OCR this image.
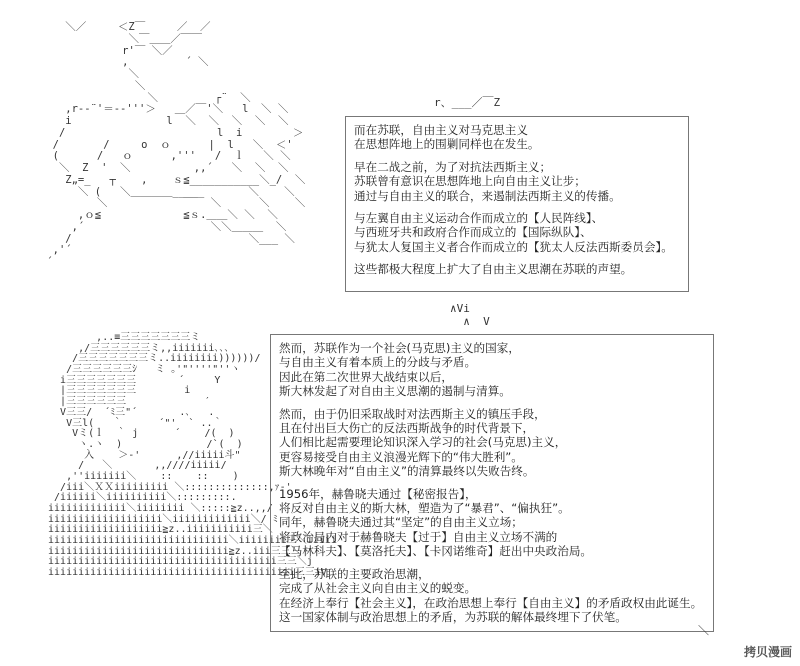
＼／     ＜Z￣     ／  ／
＼￣＿＿／￣￣
r'￣ ＼／
,         ´ ＼
＼
＼
＼         ┌¨  ＼
,r--¨'＝--'''＞   ＿／￣'＼   l  ＼ ＼
i               l  ＼  ＼  ＼  ＼  ＼
/                        l  i        ＞
/       /     o  ｏ      |  l   ＼  ＜'
(      /   ｏ      ,'''   /  ｌ   ＼ ＼
＼  Z  '  ＼          ,,´   ＼  ＼  ＼
Z„=_   ┬    ,    ｓ≦___________＼_/  ＼
＼ (   ＼＿＿＿＿____        ＼    ＼
＼            ￣￣ ＼      ＼    ＼
,ｏ≦             ≦ｓ.＿＿＼ ＼  ＼
,´                    ＼＼＿＿＿  ＼
/                            ＼___ ＼
,'´
´
,..≡三三三三三三三ミ
,/三三三三三三ミ,,iiiiiii､､､
/三三三三三三三ミ..iiiiiiii))))))/
/三三三三三三ｼ   ミ ｡'"''''"''ヽ
i三三三三三三三       ´     Y
|三三三三三三三        i
|三三三三三三             ′
V三三/  ´ﾐ三"´       .､   .
V三l(   ｀      ´"'  ` ..｀
Vミ(ｌ  ｀ j      ´    /(  )
ヽ.ヽ  )              /`(  )
入    ＞-'      ,//iiiii斗"
/   ＼       ,,////iiiii/
,''iiiiiii＼    ::    ::    )
/iii＼ＸＸiiiiiiiii ＼::::::::::::::,ｧ-'
/iiiiii＼iiiiiiiiii＼:::::::::.
iiiiiiiiiiiii＼iiiiiiii ＼:::::≧z..,,/
iiiiiiiiiiiiiiiiiii＼iiiiiiiiiiiii＼/ ﾐ
iiiiiiiiiiiiiiiiiii≧z..iiiiiiiiiii三＼
iiiiiiiiiiiiiiiiiiiiiiiiiiiiii＼iiiiiiii三＼iiiii
iiiiiiiiiiiiiiiiiiiiiiiiiiiiii≧z..iii三三＼
iiiiiiiiiiiiiiiiiiiiiiiiiiiiiiiiiiiiii三三＼j
iiiiiiiiiiiiiiiiiiiiiiiiiiiiiiiiiiiiiiiii三三iV
r、___／￣Z
而在苏联，自由主义对马克思主义
在思想阵地上的围剿同样也在发生。
早在二战之前，为了对抗法西斯主义；
苏联曾有意识在思想阵地上向自由主义让步；
通过与自由主义的联合，来遏制法西斯主义的传播。
与左翼自由主义运动合作而成立的【人民阵线】、
与西班牙共和政府合作而成立的【国际纵队】、
与犹太人复国主义者合作而成立的【犹太人反法西斯委员会】。
这些都极大程度上扩大了自由主义思潮在苏联的声望。
∧Vi
∧  V
然而，苏联作为一个社会(马克思)主义的国家，
与自由主义有着本质上的分歧与矛盾。
因此在第二次世界大战结束以后，
斯大林发起了对自由主义思潮的遏制与清算。
然而，由于仍旧采取战时对法西斯主义的镇压手段，
且在付出巨大伤亡的反法西斯战争的时代背景下，
人们相比起需要理论知识深入学习的社会(马克思)主义，
更容易接受自由主义浪漫光辉下的“伟大胜利”。
斯大林晚年对“自由主义”的清算最终以失败告终。
1956年，赫鲁晓夫通过【秘密报告】，
将反对自由主义的斯大林，塑造为了“暴君”、“偏执狂”。
同年，赫鲁晓夫通过其“坚定”的自由主义立场；
将政治局内对于赫鲁晓夫【过于】自由主义立场不满的
【马林科夫】、【莫洛托夫】、【卡冈诺维奇】赶出中央政治局。
至此，苏联的主要政治思潮，
完成了从社会主义向自由主义的蜕变。
在经济上奉行【社会主义】，在政治思想上奉行【自由主义】的矛盾政权由此诞生。
这一国家体制与政治思想上的矛盾，为苏联的解体最终埋下了伏笔。
＼
拷贝漫画
